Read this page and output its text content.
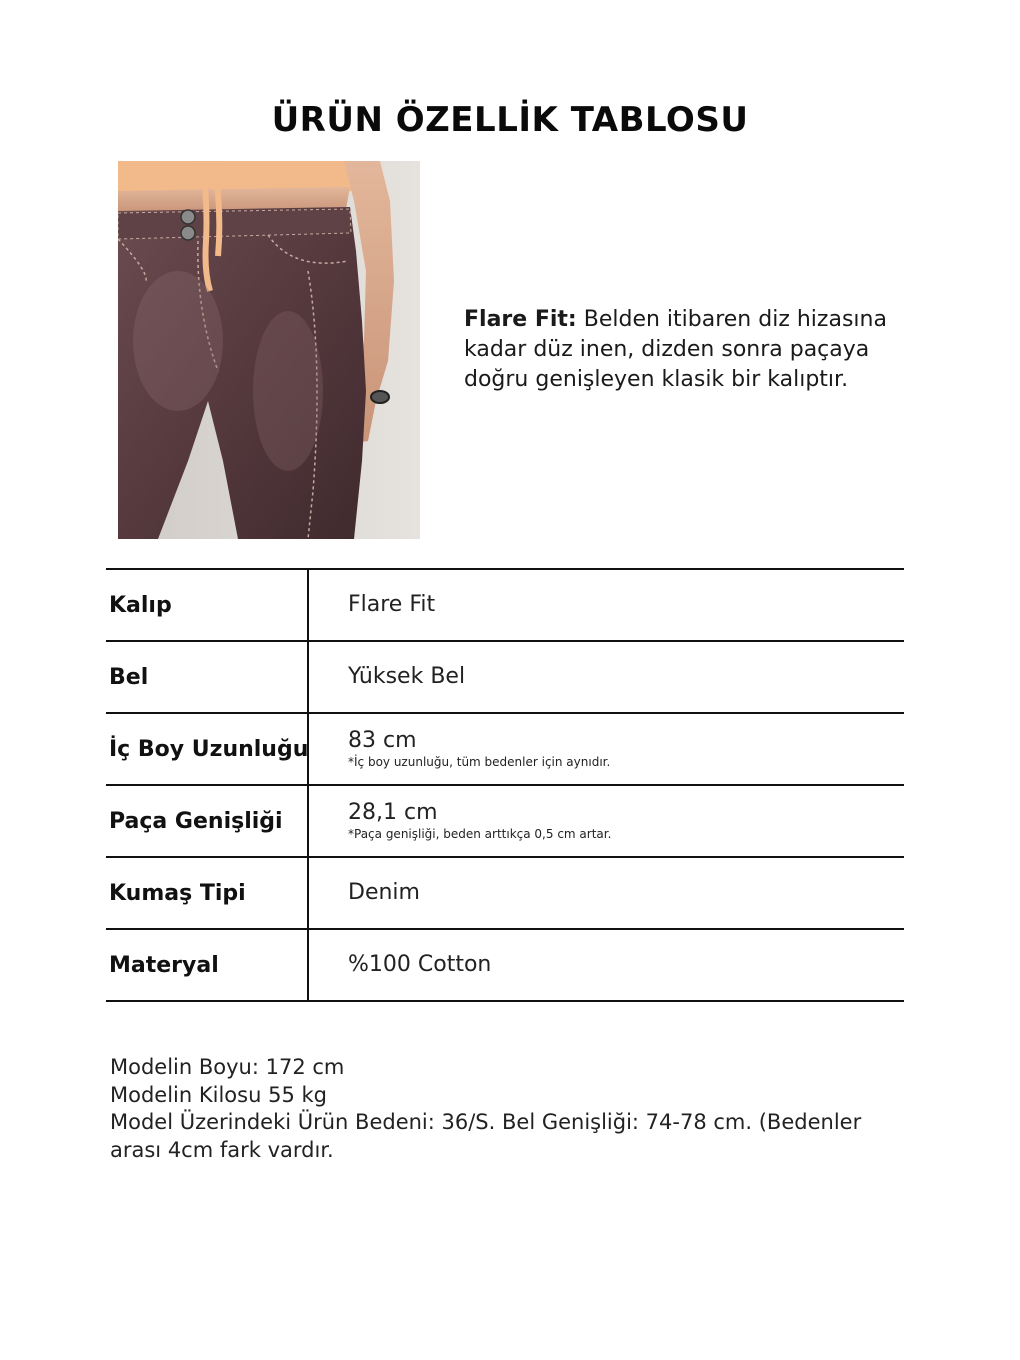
ÜRÜN ÖZELLİK TABLOSU
Flare Fit: Belden itibaren diz hizasına kadar düz inen, dizden sonra paçaya doğru genişleyen klasik bir kalıptır.
Kalıp	Flare Fit
Bel	Yüksek Bel
İç Boy Uzunluğu 83 cm
*İç boy uzunluğu, tüm bedenler için aynıdır.
Paça Genişliği	28,1 cm
*Paça genişliği, beden arttıkça 0,5 cm artar.
Kumaş Tipi	Denim
Materyal	%100 Cotton
Modelin Boyu: 172 cm
Modelin Kilosu 55 kg
Model Üzerindeki Ürün Bedeni: 36/S. Bel Genişliği: 74-78 cm. (Bedenler
arası 4cm fark vardır.
